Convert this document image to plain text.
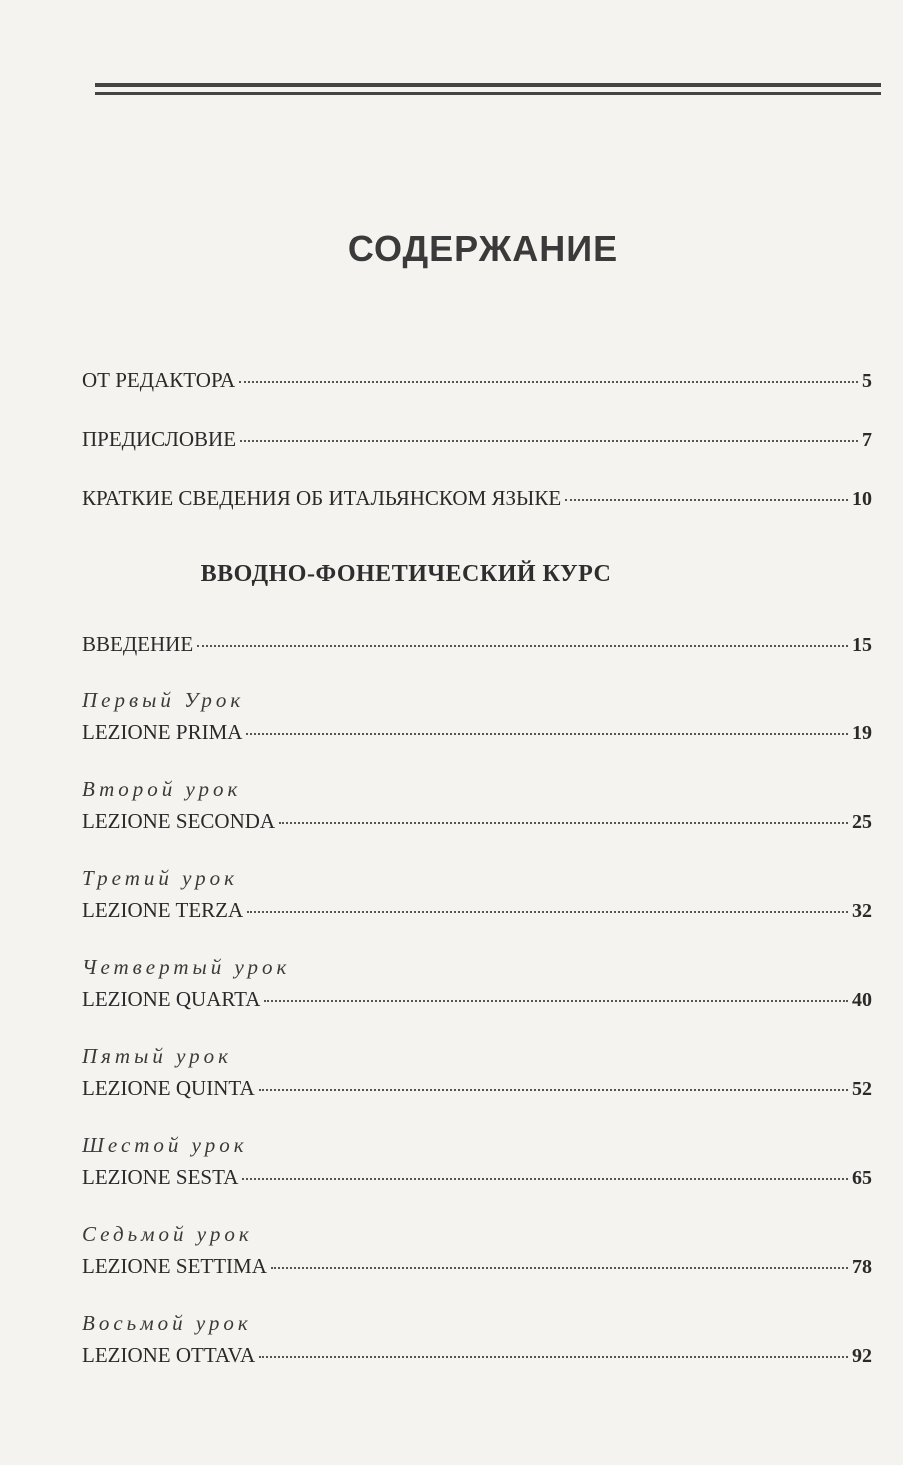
СОДЕРЖАНИЕ
ОТ РЕДАКТОРА	5
ПРЕДИСЛОВИЕ	7
КРАТКИЕ СВЕДЕНИЯ ОБ ИТАЛЬЯНСКОМ ЯЗЫКЕ	10
ВВОДНО-ФОНЕТИЧЕСКИЙ КУРС
ВВЕДЕНИЕ	15
Первый Урок
LEZIONE PRIMA	19
Второй урок
LEZIONE SECONDA	25
Третий урок
LEZIONE TERZA	32
Четвертый урок
LEZIONE QUARTA	40
Пятый урок
LEZIONE QUINTA	52
Шестой урок
LEZIONE SESTA	65
Седьмой урок
LEZIONE SETTIMA	78
Восьмой урок
LEZIONE OTTAVA	92
